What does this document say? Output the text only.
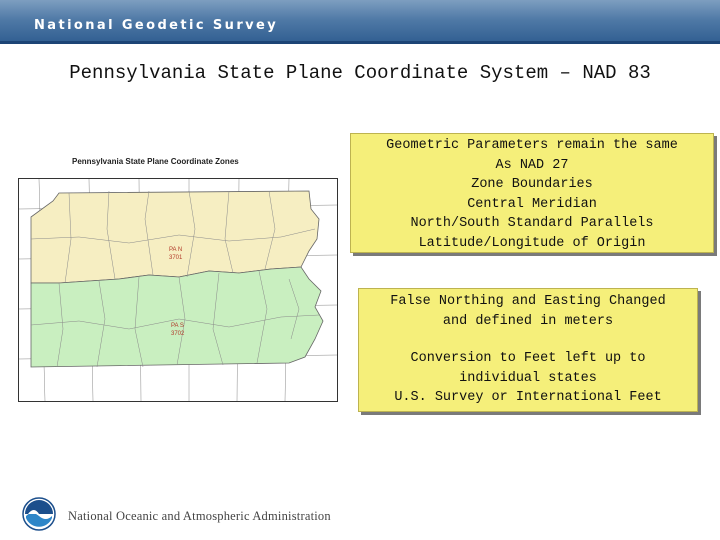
National Geodetic Survey
Pennsylvania State Plane Coordinate System – NAD 83
Pennsylvania State Plane Coordinate Zones
PA N
3701
PA S
3702
Geometric Parameters remain the same
As NAD 27
Zone Boundaries
Central Meridian
North/South Standard Parallels
Latitude/Longitude of Origin
False Northing and Easting Changed
and defined in meters
Conversion to Feet left up to
individual states
U.S. Survey or International Feet
National Oceanic and Atmospheric Administration
